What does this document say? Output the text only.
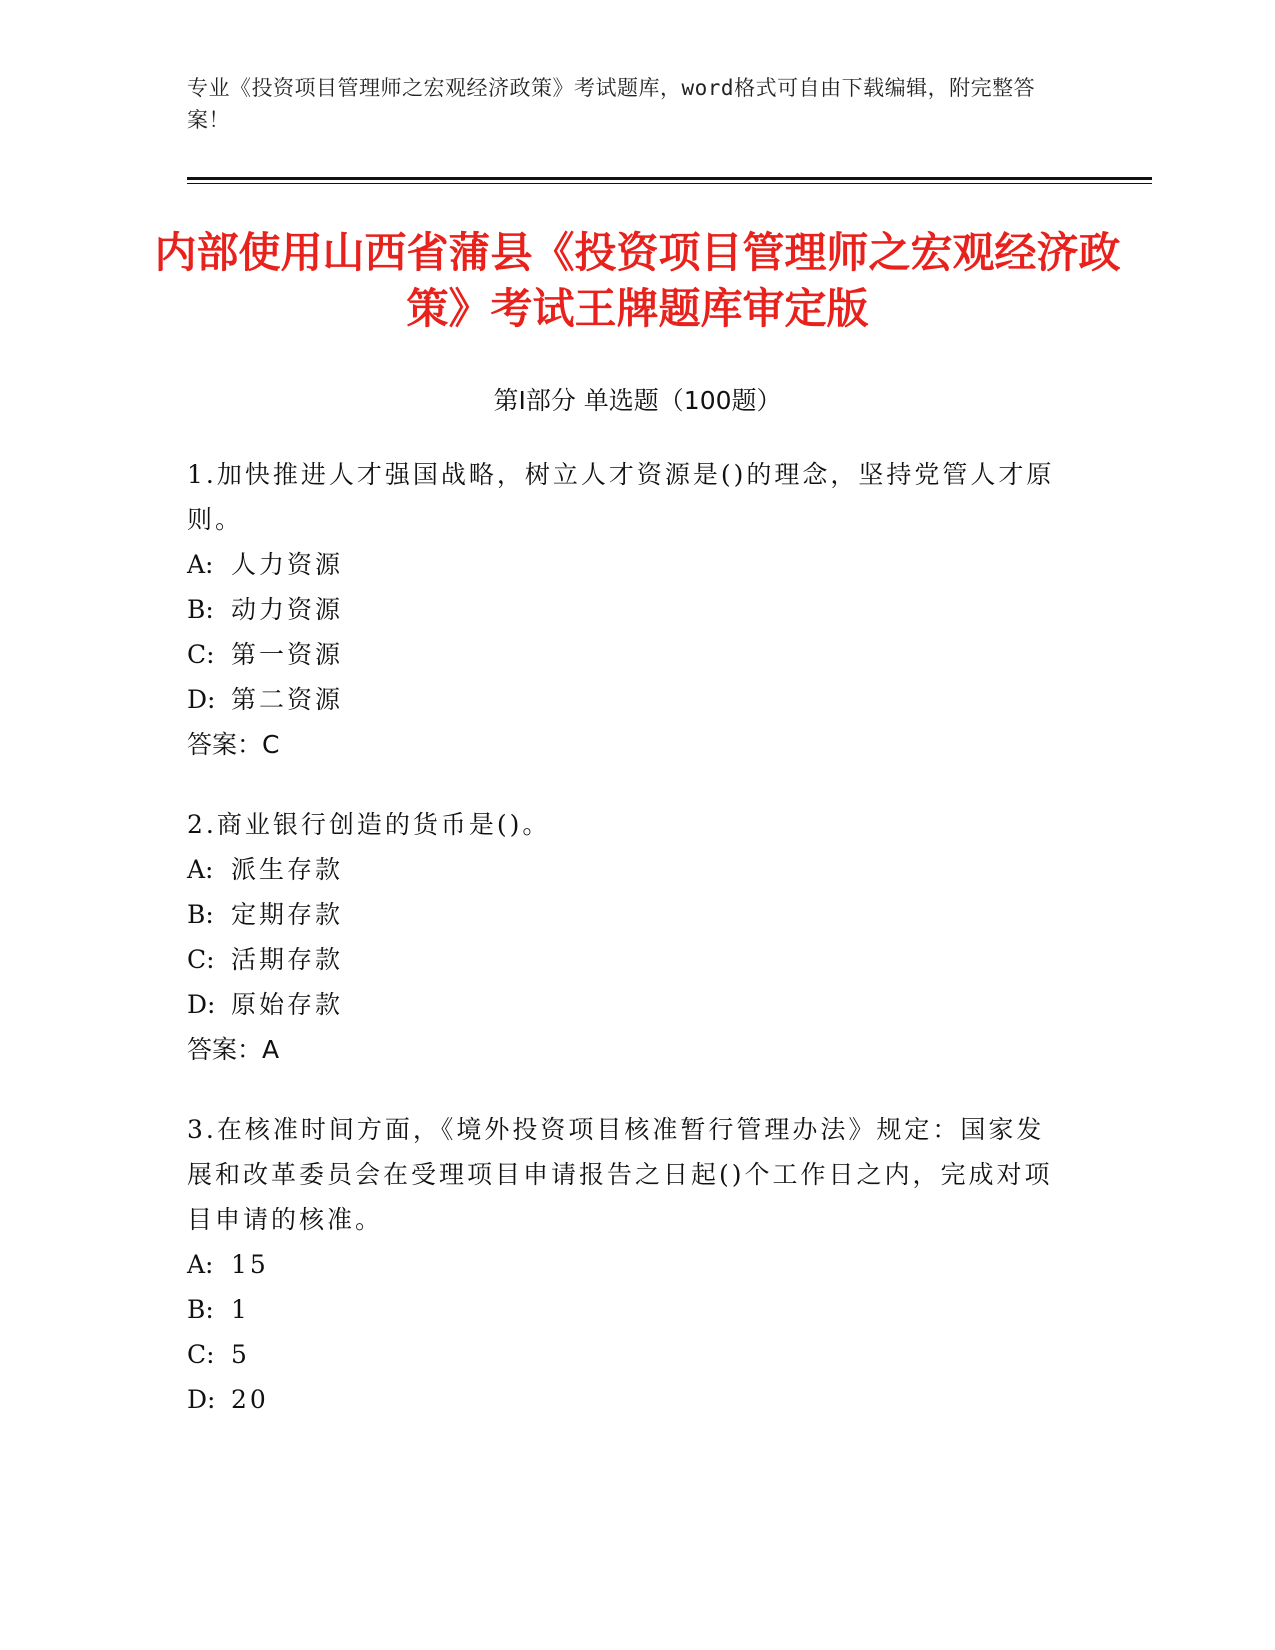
专业《投资项目管理师之宏观经济政策》考试题库，word格式可自由下载编辑，附完整答案！
内部使用山西省蒲县《投资项目管理师之宏观经济政策》考试王牌题库审定版
第I部分 单选题（100题）

1.加快推进人才强国战略，树立人才资源是()的理念，坚持党管人才原则。

A: 人力资源

B: 动力资源

C: 第一资源

D: 第二资源

答案：C

2.商业银行创造的货币是()。

A: 派生存款

B: 定期存款

C: 活期存款

D: 原始存款

答案：A

3.在核准时间方面，《境外投资项目核准暂行管理办法》规定：国家发展和改革委员会在受理项目申请报告之日起()个工作日之内，完成对项目申请的核准。

A: 15

B: 1

C: 5

D: 20
